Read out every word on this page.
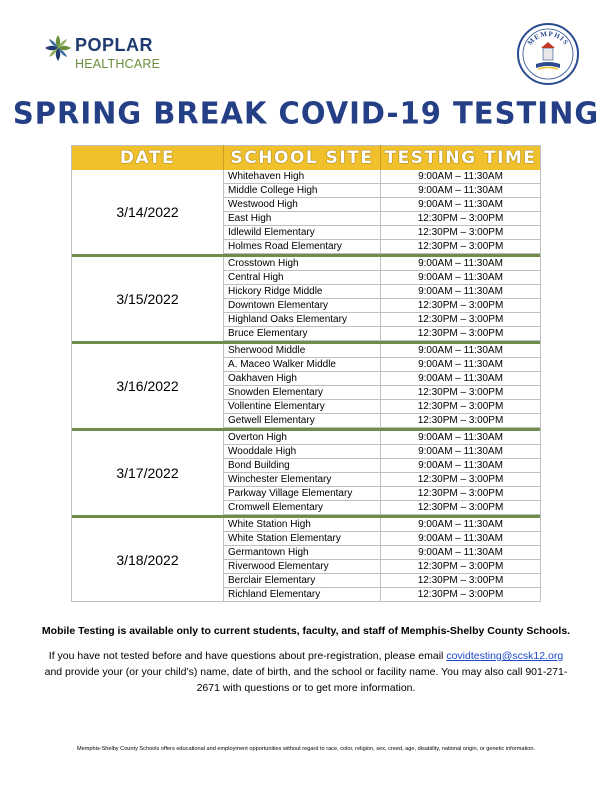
POPLAR
HEALTHCARE
MEMPHIS
SPRING BREAK COVID-19 TESTING
DATE	SCHOOL SITE	TESTING TIME
3/14/2022	Whitehaven High	9:00AM – 11:30AM
	Middle College High	9:00AM – 11:30AM
	Westwood High	9:00AM – 11:30AM
	East High	12:30PM – 3:00PM
	Idlewild Elementary	12:30PM – 3:00PM
	Holmes Road Elementary	12:30PM – 3:00PM

3/15/2022	Crosstown High	9:00AM – 11:30AM
	Central High	9:00AM – 11:30AM
	Hickory Ridge Middle	9:00AM – 11:30AM
	Downtown Elementary	12:30PM – 3:00PM
	Highland Oaks Elementary	12:30PM – 3:00PM
	Bruce Elementary	12:30PM – 3:00PM

3/16/2022	Sherwood Middle	9:00AM – 11:30AM
	A. Maceo Walker Middle	9:00AM – 11:30AM
	Oakhaven High	9:00AM – 11:30AM
	Snowden Elementary	12:30PM – 3:00PM
	Vollentine Elementary	12:30PM – 3:00PM
	Getwell Elementary	12:30PM – 3:00PM

3/17/2022	Overton High	9:00AM – 11:30AM
	Wooddale High	9:00AM – 11:30AM
	Bond Building	9:00AM – 11:30AM
	Winchester Elementary	12:30PM – 3:00PM
	Parkway Village Elementary	12:30PM – 3:00PM
	Cromwell Elementary	12:30PM – 3:00PM

3/18/2022	White Station High	9:00AM – 11:30AM
	White Station Elementary	9:00AM – 11:30AM
	Germantown High	9:00AM – 11:30AM
	Riverwood Elementary	12:30PM – 3:00PM
	Berclair Elementary	12:30PM – 3:00PM
	Richland Elementary	12:30PM – 3:00PM
Mobile Testing is available only to current students, faculty, and staff of Memphis-Shelby County Schools.
If you have not tested before and have questions about pre-registration, please email covidtesting@scsk12.org and provide your (or your child’s) name, date of birth, and the school or facility name. You may also call 901-271-2671 with questions or to get more information.
Memphis-Shelby County Schools offers educational and employment opportunities without regard to race, color, religion, sex, creed, age, disability, national origin, or genetic information.
